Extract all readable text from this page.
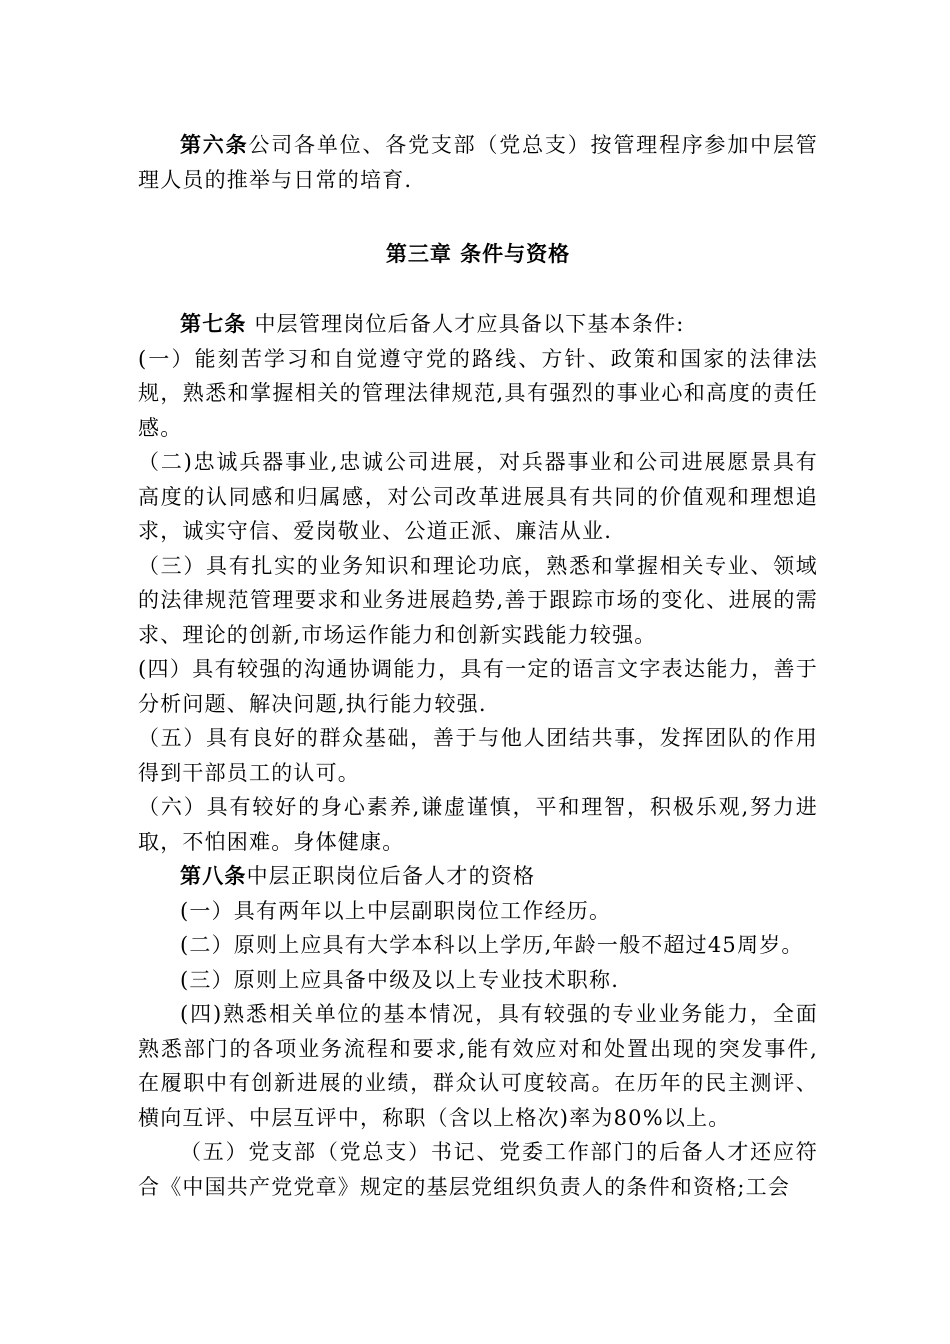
第六条公司各单位、各党支部（党总支）按管理程序参加中层管理人员的推举与日常的培育.

第三章 条件与资格

第七条 中层管理岗位后备人才应具备以下基本条件:

(一）能刻苦学习和自觉遵守党的路线、方针、政策和国家的法律法规，熟悉和掌握相关的管理法律规范,具有强烈的事业心和高度的责任感。

（二)忠诚兵器事业,忠诚公司进展，对兵器事业和公司进展愿景具有高度的认同感和归属感，对公司改革进展具有共同的价值观和理想追求，诚实守信、爱岗敬业、公道正派、廉洁从业.

（三）具有扎实的业务知识和理论功底，熟悉和掌握相关专业、领域的法律规范管理要求和业务进展趋势,善于跟踪市场的变化、进展的需求、理论的创新,市场运作能力和创新实践能力较强。

(四）具有较强的沟通协调能力，具有一定的语言文字表达能力，善于分析问题、解决问题,执行能力较强.

（五）具有良好的群众基础，善于与他人团结共事，发挥团队的作用得到干部员工的认可。

（六）具有较好的身心素养,谦虚谨慎，平和理智，积极乐观,努力进取，不怕困难。身体健康。

第八条中层正职岗位后备人才的资格

(一）具有两年以上中层副职岗位工作经历。

(二）原则上应具有大学本科以上学历,年龄一般不超过45周岁。

(三）原则上应具备中级及以上专业技术职称.

(四)熟悉相关单位的基本情况，具有较强的专业业务能力，全面熟悉部门的各项业务流程和要求,能有效应对和处置出现的突发事件,在履职中有创新进展的业绩，群众认可度较高。在历年的民主测评、横向互评、中层互评中，称职（含以上格次)率为80%以上。

（五）党支部（党总支）书记、党委工作部门的后备人才还应符合《中国共产党党章》规定的基层党组织负责人的条件和资格;工会
